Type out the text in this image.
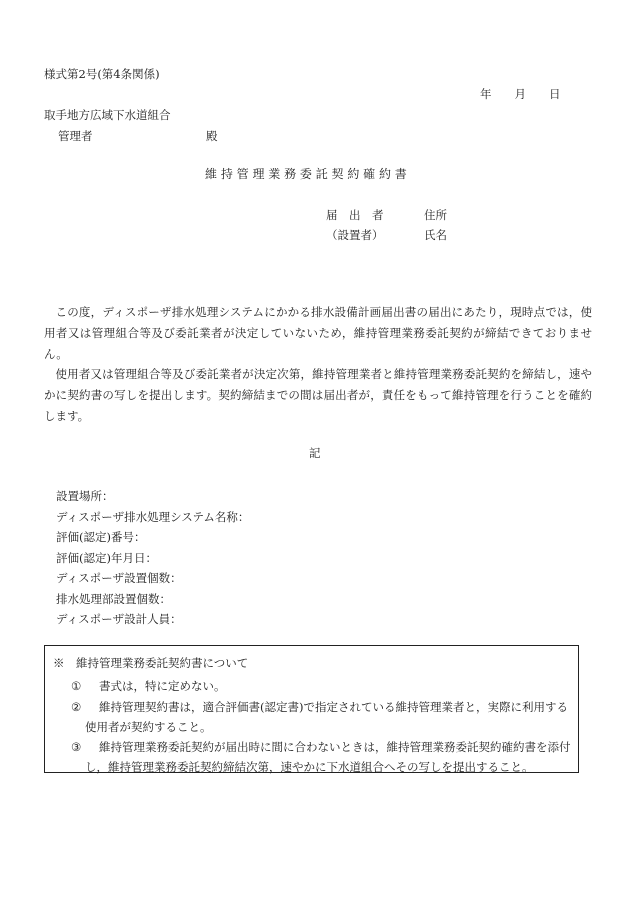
様式第2号(第4条関係)
年　　月　　日
取手地方広域下水道組合
管理者	殿
維 持 管 理 業 務 委 託 契 約 確 約 書
届　出　者
（設置者）
住所
氏名
この度，ディスポーザ排水処理システムにかかる排水設備計画届出書の届出にあたり，現時点では，使用者又は管理組合等及び委託業者が決定していないため，維持管理業務委託契約が締結できておりません。
使用者又は管理組合等及び委託業者が決定次第，維持管理業者と維持管理業務委託契約を締結し，速やかに契約書の写しを提出します。契約締結までの間は届出者が，責任をもって維持管理を行うことを確約します。
記
設置場所：
ディスポーザ排水処理システム名称：
評価(認定)番号：
評価(認定)年月日：
ディスポーザ設置個数：
排水処理部設置個数：
ディスポーザ設計人員：
※　維持管理業務委託契約書について
①	書式は，特に定めない。
②	維持管理契約書は，適合評価書(認定書)で指定されている維持管理業者と，実際に利用する使用者が契約すること。
③	維持管理業務委託契約が届出時に間に合わないときは，維持管理業務委託契約確約書を添付し，維持管理業務委託契約締結次第，速やかに下水道組合へその写しを提出すること。
